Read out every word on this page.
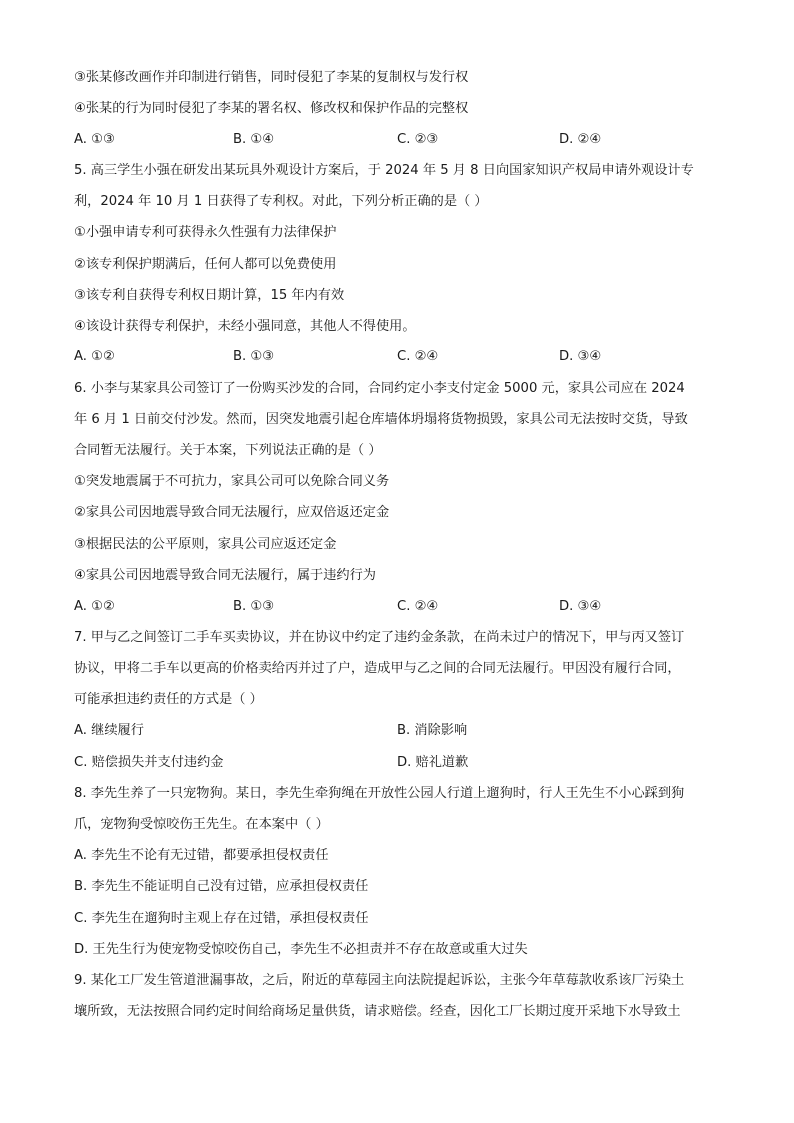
③张某修改画作并印制进行销售，同时侵犯了李某的复制权与发行权
④张某的行为同时侵犯了李某的署名权、修改权和保护作品的完整权
A. ①③	B. ①④	C. ②③	D. ②④
5. 高三学生小强在研发出某玩具外观设计方案后，于 2024 年 5 月 8 日向国家知识产权局申请外观设计专
利，2024 年 10 月 1 日获得了专利权。对此，下列分析正确的是（ ）
①小强申请专利可获得永久性强有力法律保护
②该专利保护期满后，任何人都可以免费使用
③该专利自获得专利权日期计算，15 年内有效
④该设计获得专利保护，未经小强同意，其他人不得使用。
A. ①②	B. ①③	C. ②④	D. ③④
6. 小李与某家具公司签订了一份购买沙发的合同，合同约定小李支付定金 5000 元，家具公司应在 2024
年 6 月 1 日前交付沙发。然而，因突发地震引起仓库墙体坍塌将货物损毁，家具公司无法按时交货，导致
合同暂无法履行。关于本案，下列说法正确的是（ ）
①突发地震属于不可抗力，家具公司可以免除合同义务
②家具公司因地震导致合同无法履行，应双倍返还定金
③根据民法的公平原则，家具公司应返还定金
④家具公司因地震导致合同无法履行，属于违约行为
A. ①②	B. ①③	C. ②④	D. ③④
7. 甲与乙之间签订二手车买卖协议，并在协议中约定了违约金条款，在尚未过户的情况下，甲与丙又签订
协议，甲将二手车以更高的价格卖给丙并过了户，造成甲与乙之间的合同无法履行。甲因没有履行合同，
可能承担违约责任的方式是（ ）
A. 继续履行	B. 消除影响
C. 赔偿损失并支付违约金	D. 赔礼道歉
8. 李先生养了一只宠物狗。某日，李先生牵狗绳在开放性公园人行道上遛狗时，行人王先生不小心踩到狗
爪，宠物狗受惊咬伤王先生。在本案中（ ）
A. 李先生不论有无过错，都要承担侵权责任
B. 李先生不能证明自己没有过错，应承担侵权责任
C. 李先生在遛狗时主观上存在过错，承担侵权责任
D. 王先生行为使宠物受惊咬伤自己，李先生不必担责并不存在故意或重大过失
9. 某化工厂发生管道泄漏事故，之后，附近的草莓园主向法院提起诉讼，主张今年草莓款收系该厂污染土
壤所致，无法按照合同约定时间给商场足量供货，请求赔偿。经查，因化工厂长期过度开采地下水导致土
